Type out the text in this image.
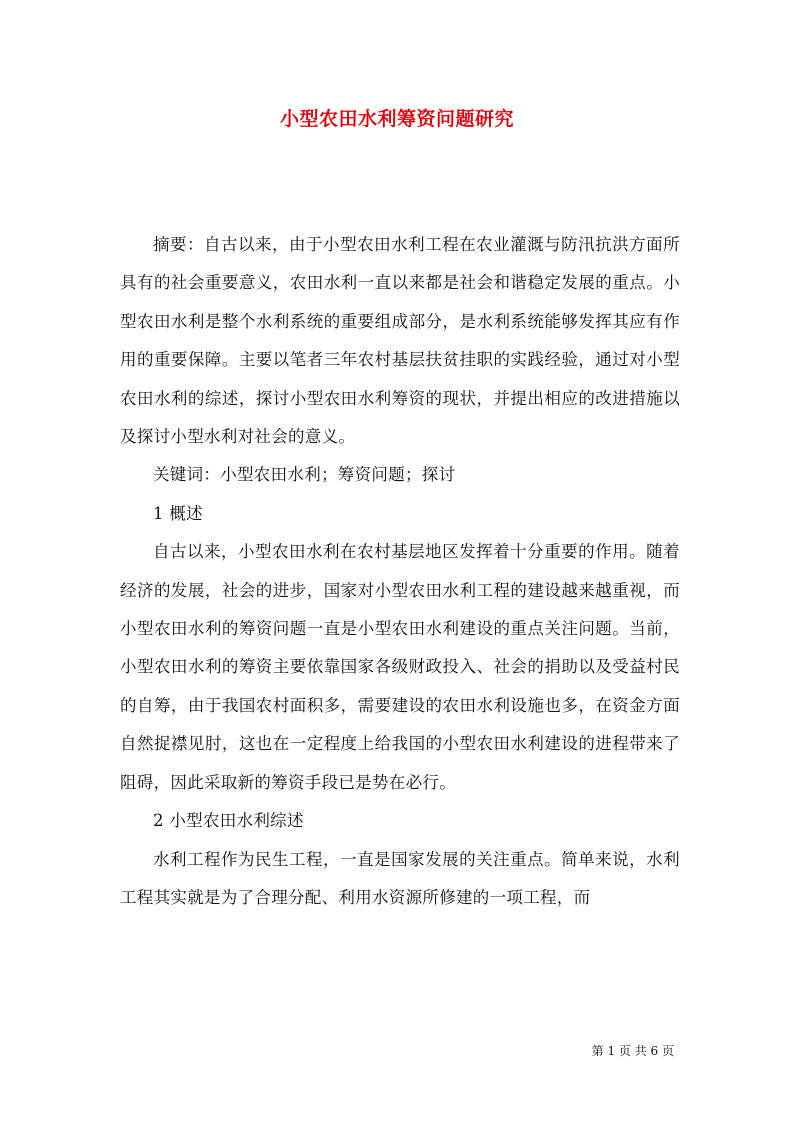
小型农田水利筹资问题研究

摘要：自古以来，由于小型农田水利工程在农业灌溉与防汛抗洪方面所具有的社会重要意义，农田水利一直以来都是社会和谐稳定发展的重点。小型农田水利是整个水利系统的重要组成部分，是水利系统能够发挥其应有作用的重要保障。主要以笔者三年农村基层扶贫挂职的实践经验，通过对小型农田水利的综述，探讨小型农田水利筹资的现状，并提出相应的改进措施以及探讨小型水利对社会的意义。

关键词：小型农田水利；筹资问题；探讨

1 概述

自古以来，小型农田水利在农村基层地区发挥着十分重要的作用。随着经济的发展，社会的进步，国家对小型农田水利工程的建设越来越重视，而小型农田水利的筹资问题一直是小型农田水利建设的重点关注问题。当前，小型农田水利的筹资主要依靠国家各级财政投入、社会的捐助以及受益村民的自筹，由于我国农村面积多，需要建设的农田水利设施也多，在资金方面自然捉襟见肘，这也在一定程度上给我国的小型农田水利建设的进程带来了阻碍，因此采取新的筹资手段已是势在必行。

2 小型农田水利综述

水利工程作为民生工程，一直是国家发展的关注重点。简单来说，水利工程其实就是为了合理分配、利用水资源所修建的一项工程，而

第 1 页 共 6 页
